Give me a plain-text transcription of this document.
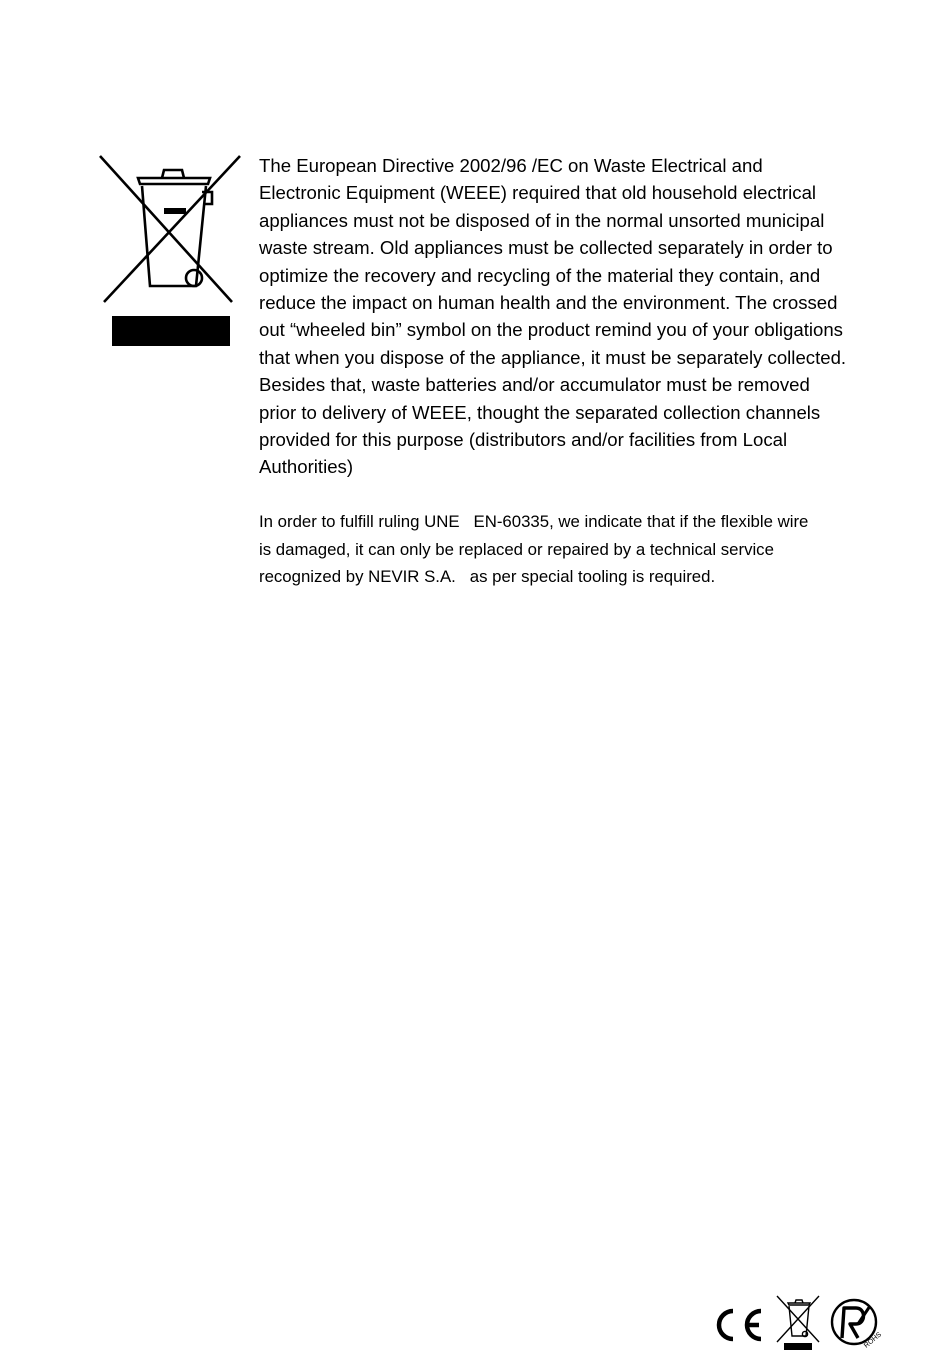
The European Directive 2002/96 /EC on Waste Electrical and
Electronic Equipment (WEEE) required that old household electrical
appliances must not be disposed of in the normal unsorted municipal
waste stream. Old appliances must be collected separately in order to
optimize the recovery and recycling of the material they contain, and
reduce the impact on human health and the environment. The crossed
out “wheeled bin” symbol on the product remind you of your obligations
that when you dispose of the appliance, it must be separately collected.
Besides that, waste batteries and/or accumulator must be removed
prior to delivery of WEEE, thought the separated collection channels
provided for this purpose (distributors and/or facilities from Local
Authorities)

In order to fulfill ruling UNE   EN-60335, we indicate that if the flexible wire
is damaged, it can only be replaced or repaired by a technical service
recognized by NEVIR S.A.   as per special tooling is required.

ROHS
